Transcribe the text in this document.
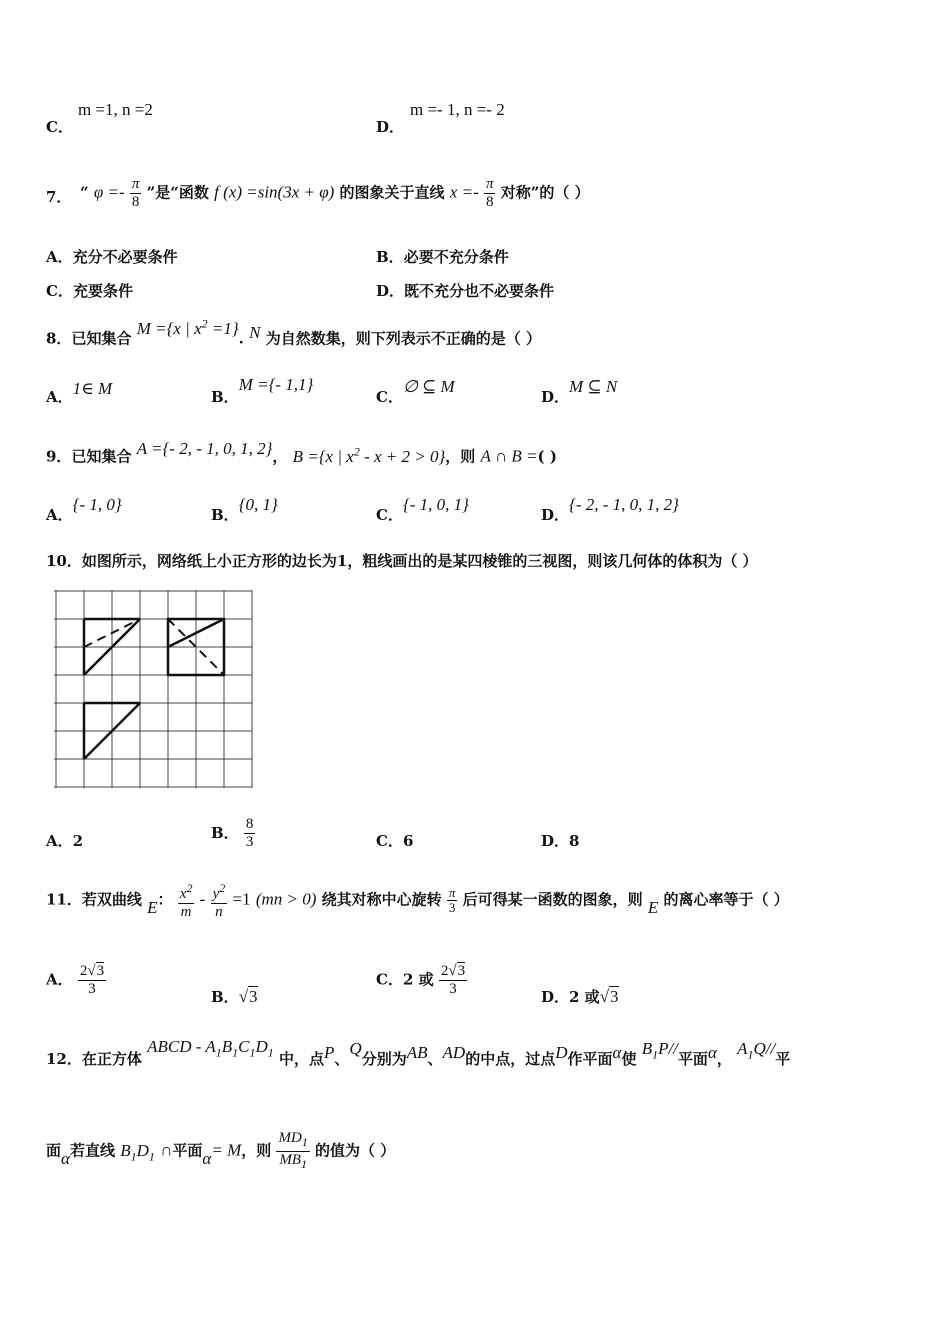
C．
m =1, n =2
D．
m =- 1, n =- 2
7． “ $\varphi =- \frac{\pi}{8}$ ”是“函数 f (x) =sin(3x + φ) 的图象关于直线 $x =- \frac{\pi}{8}$ 对称”的（ ）
A．充分不必要条件	B．必要不充分条件
C．充要条件	D．既不充分也不必要条件
8．已知集合 M ={x | $x^2 =1$}. N 为自然数集，则下列表示不正确的是（ ）
A．1∈ M	B．M ={- 1,1}
C．∅ ⊆ M
D．M ⊆ N
9．已知集合 A ={- 2, - 1, 0, 1, 2}， B ={x | $x^2 - x + 2 > 0$}，则 A ∩ B =( )
A．{- 1, 0}
B．{0, 1}
C．{- 1, 0, 1}
D．{- 2, - 1, 0, 1, 2}
10．如图所示，网络纸上小正方形的边长为1，粗线画出的是某四棱锥的三视图，则该几何体的体积为（ ）
A．2	B． $\frac{8}{3}$	C．6	D．8
11．若双曲线 E： $\frac{x^2}{m} - \frac{y^2}{n} =1$ (mn > 0) 绕其对称中心旋转 $\frac{\pi}{3}$ 后可得某一函数的图象，则 E 的离心率等于（ ）
A． $\frac{2√3}{3}$	B．√3
C．2 或 $\frac{2√3}{3}$	D．2 或√3
12．在正方体 ABCD - $A_1B_1C_1D_1$ 中，点P、Q分别为AB、AD的中点，过点D作平面α使 $B_1P//$平面α， $A_1Q//$平
面α若直线 $B_1D_1$ ∩平面α= M，则 $\frac{MD_1}{MB_1}$ 的值为（ ）
